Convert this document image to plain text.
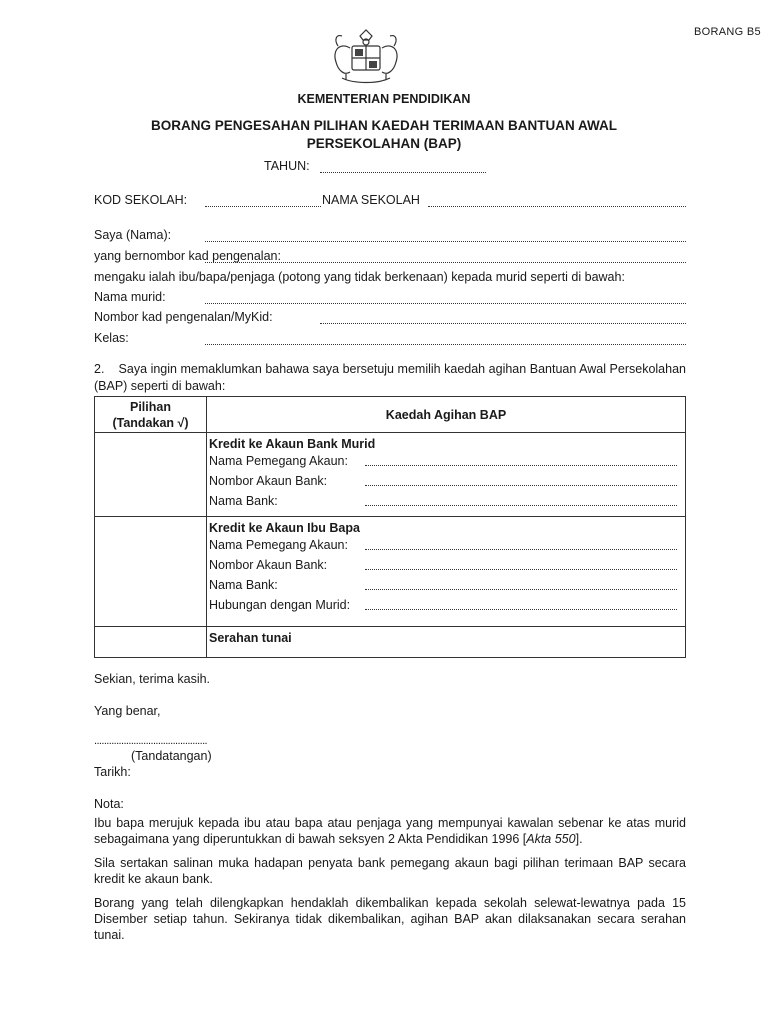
BORANG B5
KEMENTERIAN PENDIDIKAN
BORANG PENGESAHAN PILIHAN KAEDAH TERIMAAN BANTUAN AWAL
PERSEKOLAHAN (BAP)
TAHUN:
KOD SEKOLAH:	NAMA SEKOLAH
Saya (Nama):
yang bernombor kad pengenalan:
mengaku ialah ibu/bapa/penjaga (potong yang tidak berkenaan) kepada murid seperti di bawah:
Nama murid:
Nombor kad pengenalan/MyKid:
Kelas:
2.    Saya ingin memaklumkan bahawa saya bersetuju memilih kaedah agihan Bantuan Awal Persekolahan (BAP) seperti di bawah:
Pilihan
(Tandakan √)	Kaedah Agihan BAP

	Kredit ke Akaun Bank Murid
Nama Pemegang Akaun:
Nombor Akaun Bank:
Nama Bank:

	Kredit ke Akaun Ibu Bapa
Nama Pemegang Akaun:
Nombor Akaun Bank:
Nama Bank:
Hubungan dengan Murid:

	Serahan tunai
Sekian, terima kasih.
Yang benar,
..............................................
(Tandatangan)
Tarikh:
Nota:
Ibu bapa merujuk kepada ibu atau bapa atau penjaga yang mempunyai kawalan sebenar ke atas murid sebagaimana yang diperuntukkan di bawah seksyen 2 Akta Pendidikan 1996 [Akta 550].
Sila sertakan salinan muka hadapan penyata bank pemegang akaun bagi pilihan terimaan BAP secara kredit ke akaun bank.
Borang yang telah dilengkapkan hendaklah dikembalikan kepada sekolah selewat-lewatnya pada 15 Disember setiap tahun. Sekiranya tidak dikembalikan, agihan BAP akan dilaksanakan secara serahan tunai.
